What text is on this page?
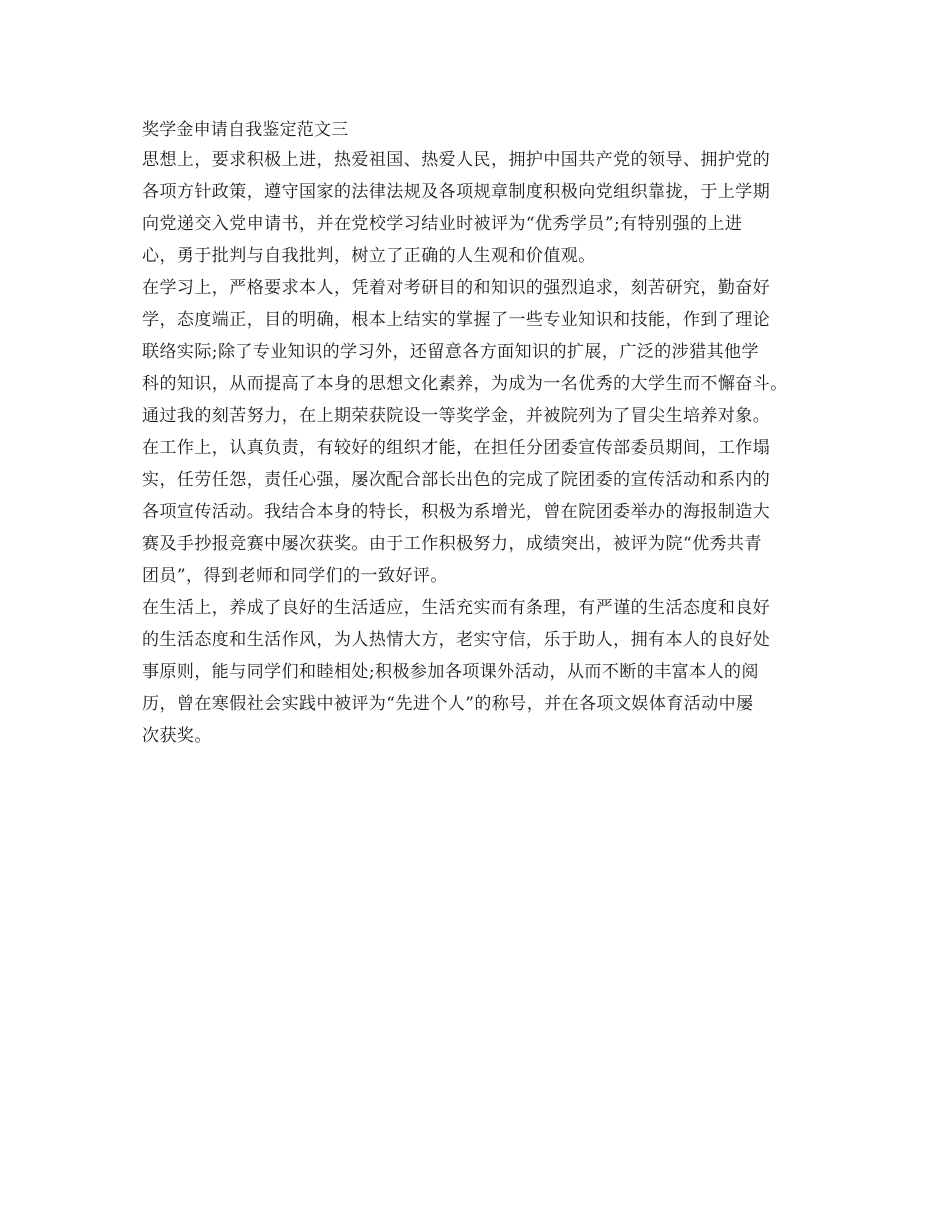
奖学金申请自我鉴定范文三

思想上，要求积极上进，热爱祖国、热爱人民，拥护中国共产党的领导、拥护党的
各项方针政策，遵守国家的法律法规及各项规章制度积极向党组织靠拢，于上学期
向党递交入党申请书，并在党校学习结业时被评为“优秀学员”;有特别强的上进
心，勇于批判与自我批判，树立了正确的人生观和价值观。

在学习上，严格要求本人，凭着对考研目的和知识的强烈追求，刻苦研究，勤奋好
学，态度端正，目的明确，根本上结实的掌握了一些专业知识和技能，作到了理论
联络实际;除了专业知识的学习外，还留意各方面知识的扩展，广泛的涉猎其他学
科的知识，从而提高了本身的思想文化素养，为成为一名优秀的大学生而不懈奋斗。
通过我的刻苦努力，在上期荣获院设一等奖学金，并被院列为了冒尖生培养对象。

在工作上，认真负责，有较好的组织才能，在担任分团委宣传部委员期间，工作塌
实，任劳任怨，责任心强，屡次配合部长出色的完成了院团委的宣传活动和系内的
各项宣传活动。我结合本身的特长，积极为系增光，曾在院团委举办的海报制造大
赛及手抄报竞赛中屡次获奖。由于工作积极努力，成绩突出，被评为院“优秀共青
团员”，得到老师和同学们的一致好评。

在生活上，养成了良好的生活适应，生活充实而有条理，有严谨的生活态度和良好
的生活态度和生活作风，为人热情大方，老实守信，乐于助人，拥有本人的良好处
事原则，能与同学们和睦相处;积极参加各项课外活动，从而不断的丰富本人的阅
历，曾在寒假社会实践中被评为“先进个人”的称号，并在各项文娱体育活动中屡
次获奖。
